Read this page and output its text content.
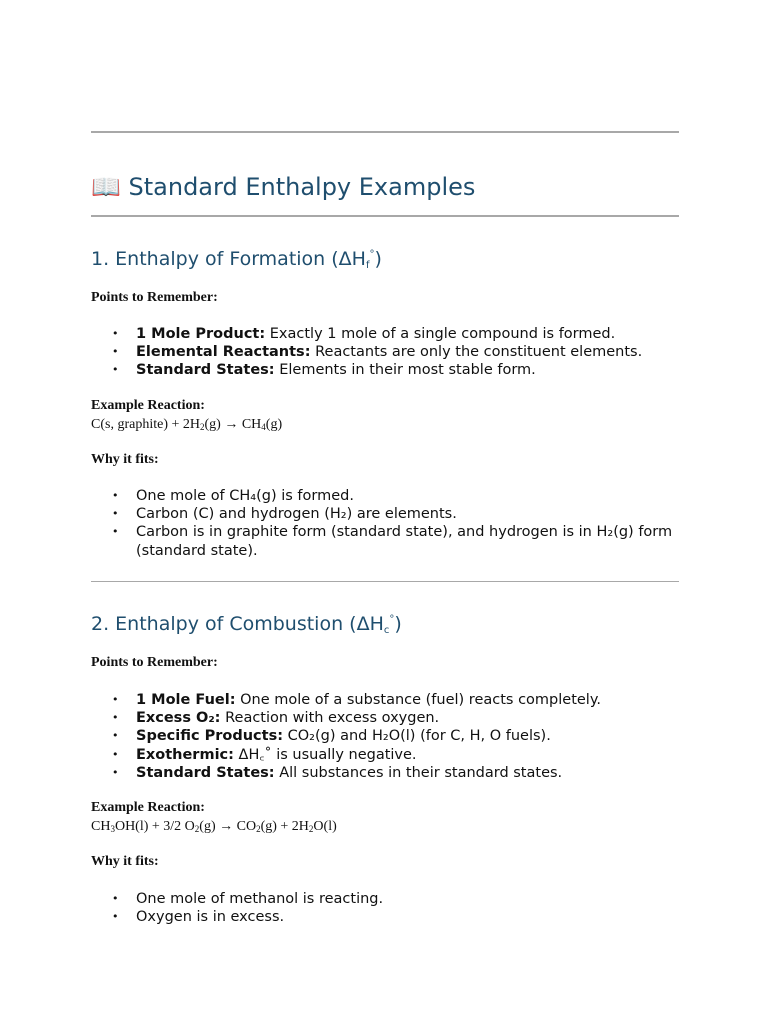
📖 Standard Enthalpy Examples
1. Enthalpy of Formation $(\Delta H_f^\circ)$
Points to Remember:
• 1 Mole Product: Exactly 1 mole of a single compound is formed.
• Elemental Reactants: Reactants are only the constituent elements.
• Standard States: Elements in their most stable form.
Example Reaction:
C(s, graphite) + $2H_2(g) \to CH_4(g)$
Why it fits:
• One mole of CH₄(g) is formed.
• Carbon (C) and hydrogen (H₂) are elements.
• Carbon is in graphite form (standard state), and hydrogen is in H₂(g) form (standard state).
2. Enthalpy of Combustion $(\Delta H_c^\circ)$
Points to Remember:
• 1 Mole Fuel: One mole of a substance (fuel) reacts completely.
• Excess O₂: Reaction with excess oxygen.
• Specific Products: CO₂(g) and H₂O(l) (for C, H, O fuels).
• Exothermic: ΔH꜀˚ is usually negative.
• Standard States: All substances in their standard states.
Example Reaction:
$CH_3OH(l) + 3/2$ $O_2(g) \to CO_2(g) + 2H_2O(l)$
Why it fits:
• One mole of methanol is reacting.
• Oxygen is in excess.
